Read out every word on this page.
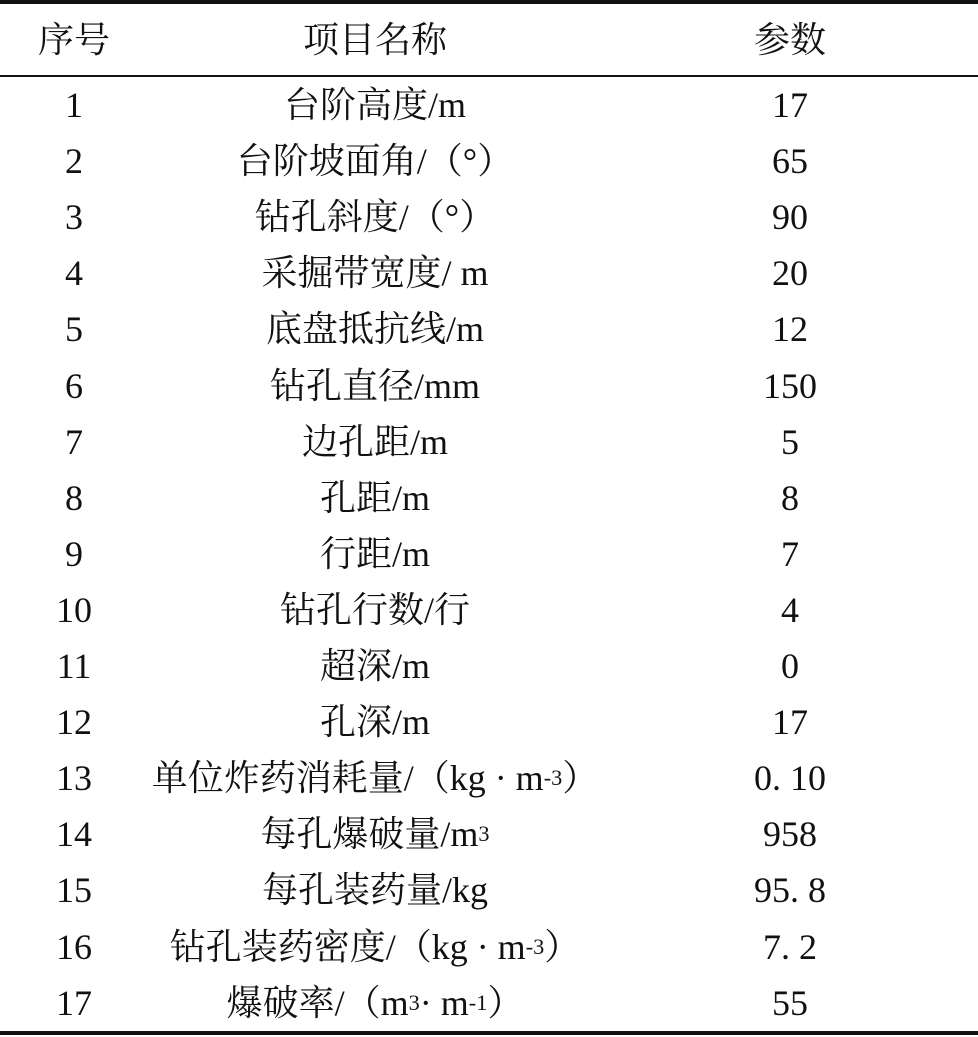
序号	项目名称	参数
1	台阶高度/m	17
2	台阶坡面角/（°）	65
3	钻孔斜度/（°）	90
4	采掘带宽度/ m	20
5	底盘抵抗线/m	12
6	钻孔直径/mm	150
7	边孔距/m	5
8	孔距/m	8
9	行距/m	7
10	钻孔行数/行	4
11	超深/m	0
12	孔深/m	17
13	单位炸药消耗量/（kg · m -3 ）	0. 10
14	每孔爆破量/m 3	958
15	每孔装药量/kg	95. 8
16	钻孔装药密度/（kg · m -3 ）	7. 2
17	爆破率/（m 3 · m -1 ）	55
